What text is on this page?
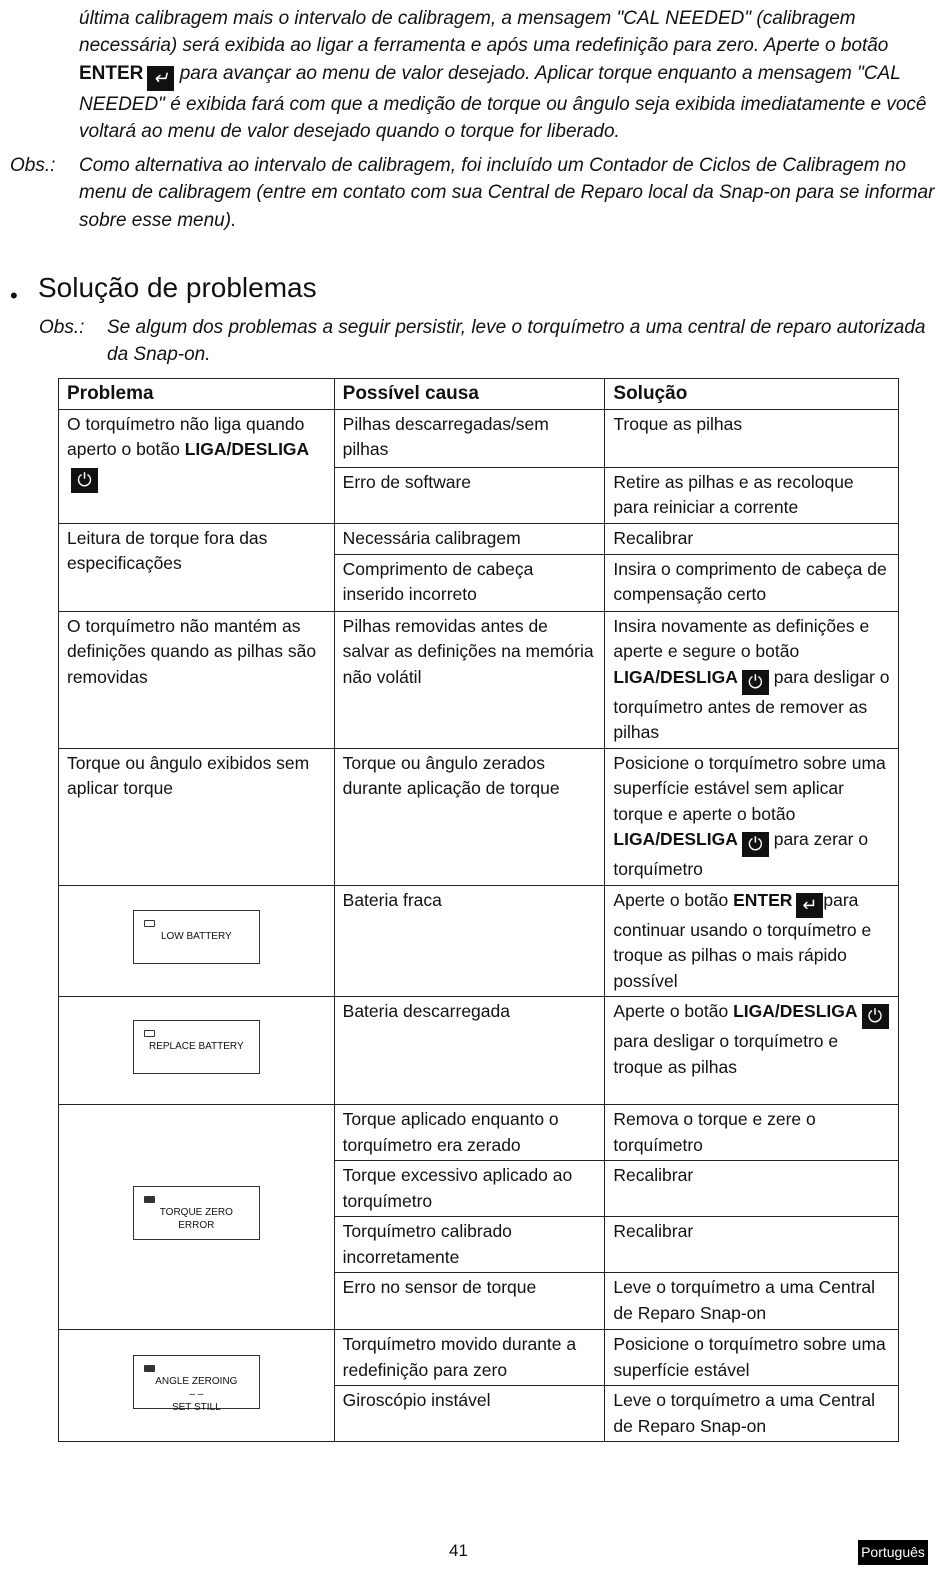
última calibragem mais o intervalo de calibragem, a mensagem "CAL NEEDED" (calibragem necessária) será exibida ao ligar a ferramenta e após uma redefinição para zero. Aperte o botão ENTER ↵ para avançar ao menu de valor desejado. Aplicar torque enquanto a mensagem "CAL NEEDED" é exibida fará com que a medição de torque ou ângulo seja exibida imediatamente e você voltará ao menu de valor desejado quando o torque for liberado.
Obs.: Como alternativa ao intervalo de calibragem, foi incluído um Contador de Ciclos de Calibragem no menu de calibragem (entre em contato com sua Central de Reparo local da Snap-on para se informar sobre esse menu).
• Solução de problemas
Obs.: Se algum dos problemas a seguir persistir, leve o torquímetro a uma central de reparo autorizada da Snap-on.
Problema	Possível causa	Solução
O torquímetro não liga quando aperto o botão LIGA/DESLIGA⏻	Pilhas descarregadas/sem pilhas	Troque as pilhas
	Erro de software	Retire as pilhas e as recoloque para reiniciar a corrente
Leitura de torque fora das especificações	Necessária calibragem	Recalibrar
	Comprimento de cabeça inserido incorreto	Insira o comprimento de cabeça de compensação certo
O torquímetro não mantém as definições quando as pilhas são removidas	Pilhas removidas antes de salvar as definições na memória não volátil	Insira novamente as definições e aperte e segure o botão LIGA/DESLIGA ⏻ para desligar o torquímetro antes de remover as pilhas
Torque ou ângulo exibidos sem aplicar torque	Torque ou ângulo zerados durante aplicação de torque	Posicione o torquímetro sobre uma superfície estável sem aplicar torque e aperte o botão LIGA/DESLIGA ⏻ para zerar o torquímetro

LOW BATTERY	Bateria fraca	Aperte o botão ENTER ↵ para continuar usando o torquímetro e troque as pilhas o mais rápido possível

REPLACE BATTERY	Bateria descarregada	Aperte o botão LIGA/DESLIGA ⏻ para desligar o torquímetro e troque as pilhas

TORQUE ZERO
ERROR	Torque aplicado enquanto o torquímetro era zerado	Remova o torque e zere o torquímetro
	Torque excessivo aplicado ao torquímetro	Recalibrar
	Torquímetro calibrado incorretamente	Recalibrar
	Erro no sensor de torque	Leve o torquímetro a uma Central de Reparo Snap-on

ANGLE ZEROING
– –
SET STILL	Torquímetro movido durante a redefinição para zero	Posicione o torquímetro sobre uma superfície estável
	Giroscópio instável	Leve o torquímetro a uma Central de Reparo Snap-on
41	Português
